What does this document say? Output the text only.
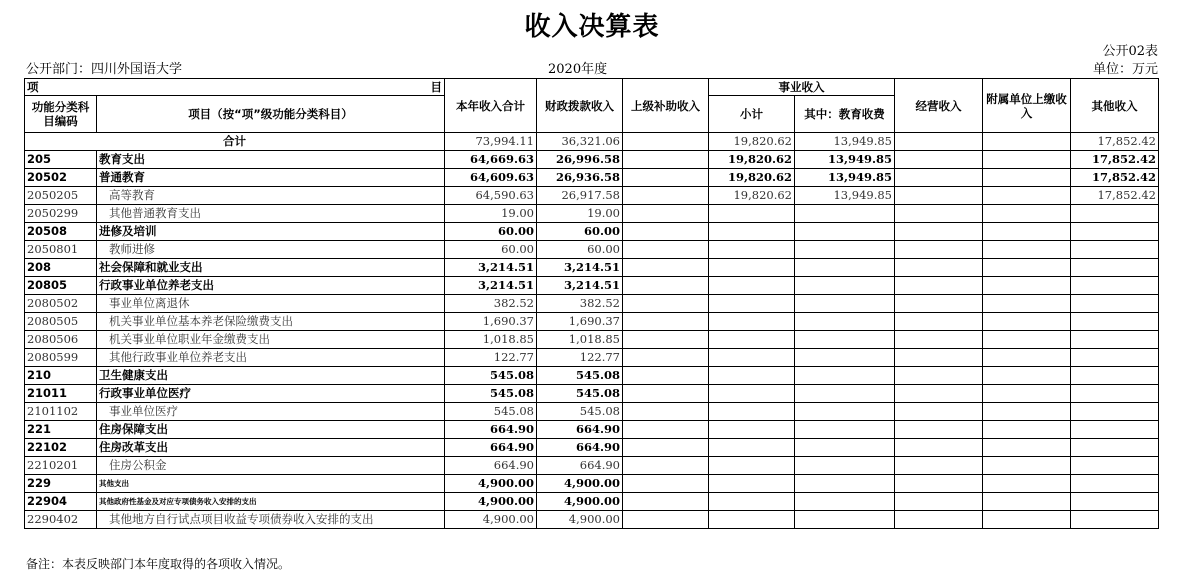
收入决算表
公开02表
公开部门：四川外国语大学	2020年度	单位：万元
项 目		本年收入合计	财政拨款收入	上级补助收入	事业收入		经营收入	附属单位上缴收入	其他收入
功能分类科目编码	项目（按“项”级功能分类科目）								
					小计	其中：教育收费			
合计		73,994.11	36,321.06		19,820.62	13,949.85			17,852.42
205	教育支出	64,669.63	26,996.58		19,820.62	13,949.85			17,852.42
20502	普通教育	64,609.63	26,936.58		19,820.62	13,949.85			17,852.42
2050205	高等教育	64,590.63	26,917.58		19,820.62	13,949.85			17,852.42
2050299	其他普通教育支出	19.00	19.00						
20508	进修及培训	60.00	60.00						
2050801	教师进修	60.00	60.00						
208	社会保障和就业支出	3,214.51	3,214.51						
20805	行政事业单位养老支出	3,214.51	3,214.51						
2080502	事业单位离退休	382.52	382.52						
2080505	机关事业单位基本养老保险缴费支出	1,690.37	1,690.37						
2080506	机关事业单位职业年金缴费支出	1,018.85	1,018.85						
2080599	其他行政事业单位养老支出	122.77	122.77						
210	卫生健康支出	545.08	545.08						
21011	行政事业单位医疗	545.08	545.08						
2101102	事业单位医疗	545.08	545.08						
221	住房保障支出	664.90	664.90						
22102	住房改革支出	664.90	664.90						
2210201	住房公积金	664.90	664.90						
229	其他支出	4,900.00	4,900.00						
22904	其他政府性基金及对应专项债务收入安排的支出	4,900.00	4,900.00						
2290402	其他地方自行试点项目收益专项债券收入安排的支出	4,900.00	4,900.00						
备注：本表反映部门本年度取得的各项收入情况。
